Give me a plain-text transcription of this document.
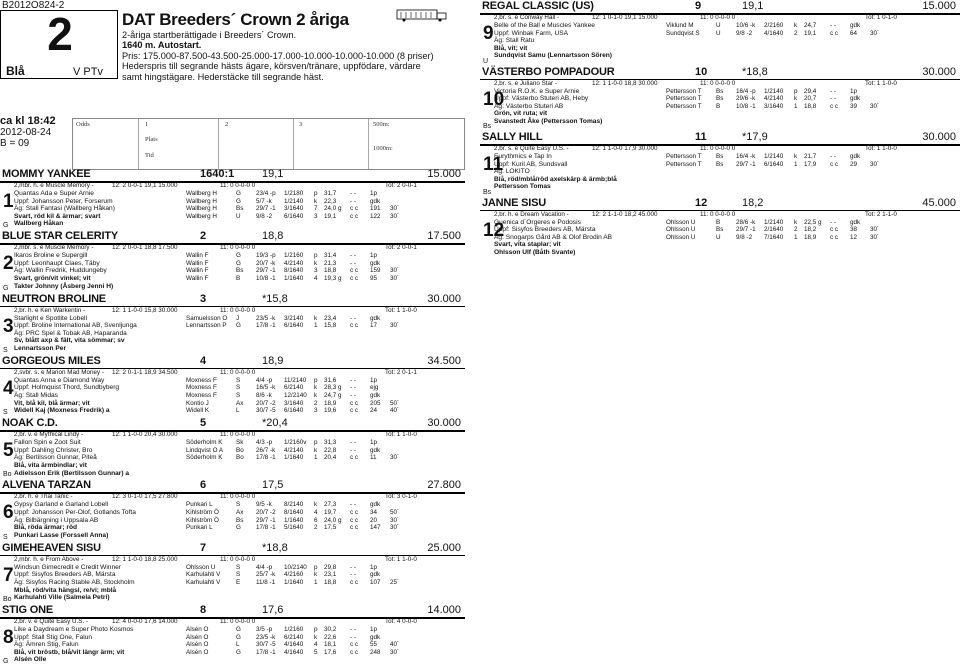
B2012O824-2
2
Blå	V PTv
DAT Breeders´ Crown 2 åriga
2-åriga startberättigade i Breeders´ Crown.
1640 m. Autostart.
Pris: 175.000-87.500-43.500-25.000-17.000-10.000-10.000-10.000 (8 priser)
Hederspris till segrande hästs ägare, körsven/tränare, uppfödare, värdare
samt hingstägare. Hederstäcke till segrande häst.
ca kl 18:42
2012-08-24
B = 09
Odds	1	2	3	500m:
Plats
Tid
1000m:
MOMMY YANKEE	1640:1	19,1	15.000
1
G
2,mbr. h. e Muscle Memory -	12: 2 0-0-1 19,1 15.000	11: 0 0-0-0 0	Tot: 2 0-0-1
Quantas Ada e Super Arnie
Uppf: Johansson Peter, Forserum
Äg: Stall Fantasi (Wallberg Håkan)
Svart, röd kil & ärmar; svart
Wallberg Håkan
Wallberg H	G 23/4 -p 1/2180 p 31,7 - - 1p
Wallberg H	G 5/7 -k 1/2140 k 22,3 - - gdk
Wallberg H	Bs 29/7 -1 3/1640 7 24,0 g c c 191 30´
Wallberg H	U 9/8 -2 6/1640 3 19,1 c c 122 30´
BLUE STAR CELERITY	2	18,8	17.500
2
G
2,mbr. s. e Muscle Memory -	12: 2 0-0-1 18,8 17.500	11: 0 0-0-0 0	Tot: 2 0-0-1
Ikaros Broline e Supergill
Uppf: Leonhaupt Claes, Täby
Äg: Wallin Fredrik, Huddungeby
Svart, grön/vit vinkel; vit
Takter Johnny (Åsberg Jenni H)
Wallin F	G 19/3 -p 1/2160 p 31,4 - - 1p
Wallin F	G 20/7 -k 4/2140 k 21,3 - - gdk
Wallin F	Bs 29/7 -1 8/1640 3 18,8 c c 159 30´
Wallin F	B	10/8 -1 1/1640 4 19,3 g c c 95 30´
NEUTRON BROLINE	3	*15,8	30.000
3
S
2,br. h. e Ken Warkentin -	12: 1 1-0-0 15,8 30.000	11: 0 0-0-0 0	Tot: 1 1-0-0
Starlight e Spotlite Lobell
Uppf: Broline International AB, Svenljunga
Äg: PRC Spel & Tobak AB, Haparanda
Sv, blått axp & fält, vita sömmar; sv
Lennartsson Per
Samuelsson O J	23/5 -k 3/2140 k 23,4 - - gdk
Lennartsson P G 17/8 -1 6/1640 1 15,8 c c 17 30´
GORGEOUS MILES	4	18,9	34.500
4
S
2,svbr. s. e Marion Mad Money - 12: 2 0-1-1 18,9 34.500	11: 0 0-0-0 0	Tot: 2 0-1-1
Quantas Anna e Diamond Way
Uppf: Holmquist Thord, Sundbyberg
Äg: Stall Midas
Vit, blå kil, blå ärmar; vit
Widell Kaj (Moxness Fredrik) a
Moxness F	S	4/4 -p 11/2140 p 31,6 - - 1p
Moxness F	S	16/5 -k 6/2140 k 28,3 g - - ejg
Moxness F	S	8/6 -k 12/2140 k 24,7 g - - gdk
Kontio J	Ax 20/7 -2 3/1640 2 18,9 c c 205 50´
Widell K	L	30/7 -5 6/1640 3 19,6 c c 24 40´
NOAK C.D.	5	*20,4	30.000
5
Bo
2,br. v. e Mythical Lindy -	12: 1 1-0-0 20,4 30.000	11: 0 0-0-0 0	Tot: 1 1-0-0
Fallon Spin e Zoot Suit
Uppf: Dahling Christer, Bro
Äg: Bertilsson Gunnar, Piteå
Blå, vita ärmbindlar; vit
Adielsson Erik (Bertilsson Gunnar) a
Söderholm K Sk 4/3 -p 1/2160v p 31,3 - - 1p
Lindqvist O A Bo 26/7 -k 4/2140 k 22,8 - - gdk
Söderholm K Bo 17/8 -1 1/1640 1 20,4 c c 11 30´
ALVENA TARZAN	6	17,5	27.800
6
S
2,br. h. e Thai Tanic -	12: 3 0-1-0 17,5 27.800	11: 0 0-0-0 0	Tot: 3 0-1-0
Gypsy Garland e Garland Lobell
Uppf: Johansson Per-Olof, Gotlands Tofta
Äg: Bilbärgning i Uppsala AB
Blå, röda ärmar; röd
Punkari Lasse (Forssell Anna)
Punkari L	S	9/5 -k 8/2140 k 27,3 - - gdk
Kihlström Ö	Ax 20/7 -2 8/1640 4 19,7 c c 34 50´
Kihlström Ö	Bs 29/7 -1 1/1640 6 24,0 g c c 20 30´
Punkari L	G 17/8 -1 5/1640 2 17,5 c c 147 30´
GIMEHEAVEN SISU	7	*18,8	25.000
7
Bo
2,mbr. h. e From Above -	12: 1 1-0-0 18,8 25.000	11: 0 0-0-0 0	Tot: 1 1-0-0
Windsun Gimecredit e Credit Winner
Uppf: Sisyfos Breeders AB, Märsta
Äg: Sisyfos Racing Stable AB, Stockholm
Mblå, röd/vita hängsl, re/vi; mblå
Karhulahti Ville (Salmela Petri)
Ohlsson U	S	4/4 -p 10/2140 p 29,8 - - 1p
Karhulahti V S	25/7 -k 4/2160 k 23,1 - - gdk
Karhulahti V E	11/8 -1 1/1640 1 18,8 c c 107 25´
STIG ONE	8	17,6	14.000
8
G
2,br. v. e Quite Easy U.S. -	12: 4 0-0-0 17,6 14.000	11: 0 0-0-0 0	Tot: 4 0-0-0
Like a Daydream e Super Photo Kosmos
Uppf: Stall Stig One, Falun
Äg: Ämren Stig, Falun
Blå, vit bröstb, blå/vit längr ärm; vit
Alsén Olle
Alsén O	G 3/5 -p 1/2160 p 30,2 - - 1p
Alsén O	G 23/5 -k 6/2140 k 22,6 - - gdk
Alsén O	L	30/7 -5 4/1640 4 18,1 c c 55 40´
Alsén O	G 17/8 -1 4/1640 5 17,6 c c 248 30´
REGAL CLASSIC (US)	9	19,1	15.000
9
U
2,br. s. e Conway Hall -	12: 1 0-1-0 19,1 15.000	11: 0 0-0-0 0	Tot: 1 0-1-0
Belle of the Ball e Muscles Yankee
Uppf: Winbak Farm, USA
Äg: Stall Ratu
Blå, vit; vit
Sundqvist Samu (Lennartsson Sören)
Viklund M	U 10/6 -k 2/2160 k 24,7 - - gdk
Sundqvist S	U 9/8 -2 4/1640 2 19,1 c c 64 30´
VÄSTERBO POMPADOUR	10	*18,8	30.000
10
Bs
2,br. s. e Juliano Star -	12: 1 1-0-0 18,8 30.000	11: 0 0-0-0 0	Tot: 1 1-0-0
Victoria R.O.K. e Super Arnie
Uppf: Västerbo Stuteri AB, Heby
Äg: Västerbo Stuteri AB
Grön, vit ruta; vit
Svanstedt Åke (Pettersson Tomas)
Pettersson T Bs 16/4 -p 1/2140 p 29,4 - - 1p
Pettersson T Bs 29/6 -k 4/2140 k 20,7 - - gdk
Pettersson T B	10/8 -1 3/1640 1 18,8 c c 39 30´
SALLY HILL	11	*17,9	30.000
11
Bs
2,br. s. e Quite Easy U.S. -	12: 1 1-0-0 17,9 30.000	11: 0 0-0-0 0	Tot: 1 1-0-0
Eurythmics e Tap In
Uppf: Kuril AB, Sundsvall
Äg: LOKITO
Blå, röd/mblå/röd axelskärp & ärmb;blå
Pettersson Tomas
Pettersson T Bs 16/4 -k 1/2140 k 21,7 - - gdk
Pettersson T Bs 29/7 -1 6/1640 1 17,9 c c 29 30´
JANNE SISU	12	18,2	45.000
12
2,br. h. e Dream Vacation -	12: 2 1-1-0 18,2 45.000	11: 0 0-0-0 0	Tot: 2 1-1-0
Guenica d´Orgeres e Podosis
Uppf: Sisyfos Breeders AB, Märsta
Äg: Snogarps Gård AB & Olof Brodin AB
Svart, vita staplar; vit
Ohlsson Ulf (Båth Svante)
Ohlsson U	B	28/6 -k 1/2140 k 22,5 g - - gdk
Ohlsson U	Bs 29/7 -1 2/1640 2 18,2 c c 38 30´
Ohlsson U	U 9/8 -2 7/1640 1 18,9 c c 12 30´
